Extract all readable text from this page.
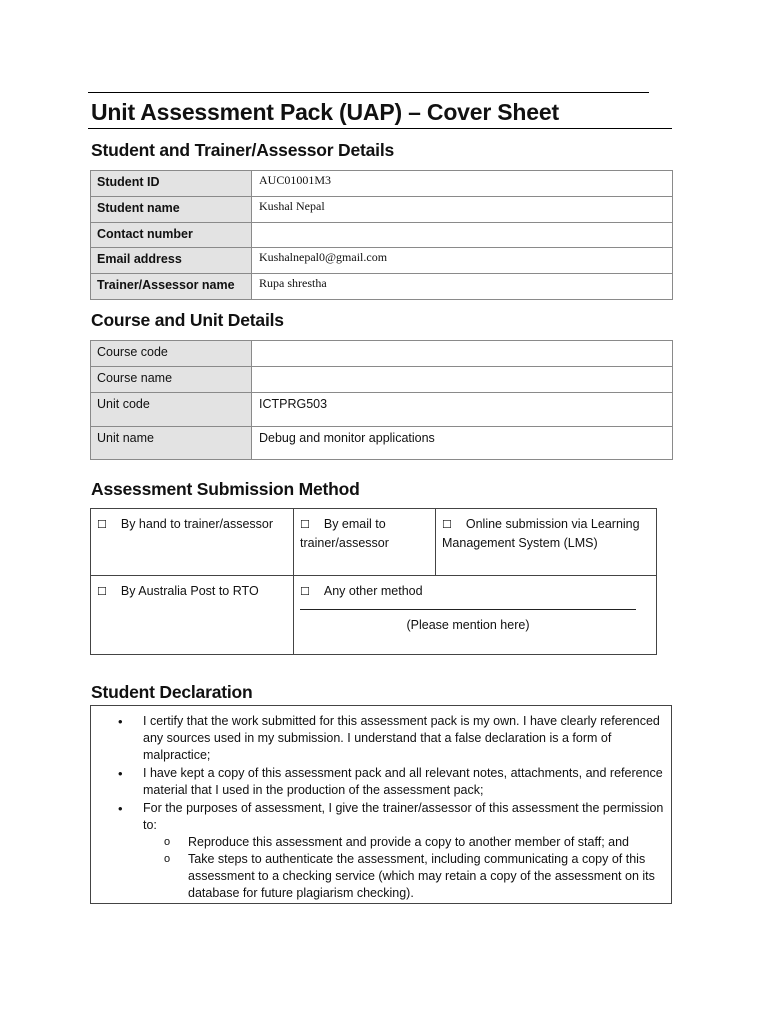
Unit Assessment Pack (UAP) – Cover Sheet
Student and Trainer/Assessor Details
Student ID	AUC01001M3
Student name	Kushal Nepal
Contact number	
Email address	Kushalnepal0@gmail.com
Trainer/Assessor name	Rupa shrestha
Course and Unit Details
Course code	
Course name	
Unit code	ICTPRG503
Unit name	Debug and monitor applications
Assessment Submission Method
☐ By hand to trainer/assessor	☐ By email to trainer/assessor	☐ Online submission via Learning Management System (LMS)
☐ By Australia Post to RTO	☐ Any other method
(Please mention here)	
Student Declaration
• I certify that the work submitted for this assessment pack is my own. I have clearly referenced any sources used in my submission. I understand that a false declaration is a form of malpractice;
• I have kept a copy of this assessment pack and all relevant notes, attachments, and reference material that I used in the production of the assessment pack;
• For the purposes of assessment, I give the trainer/assessor of this assessment the permission to:
o Reproduce this assessment and provide a copy to another member of staff; and
o Take steps to authenticate the assessment, including communicating a copy of this assessment to a checking service (which may retain a copy of the assessment on its database for future plagiarism checking).
